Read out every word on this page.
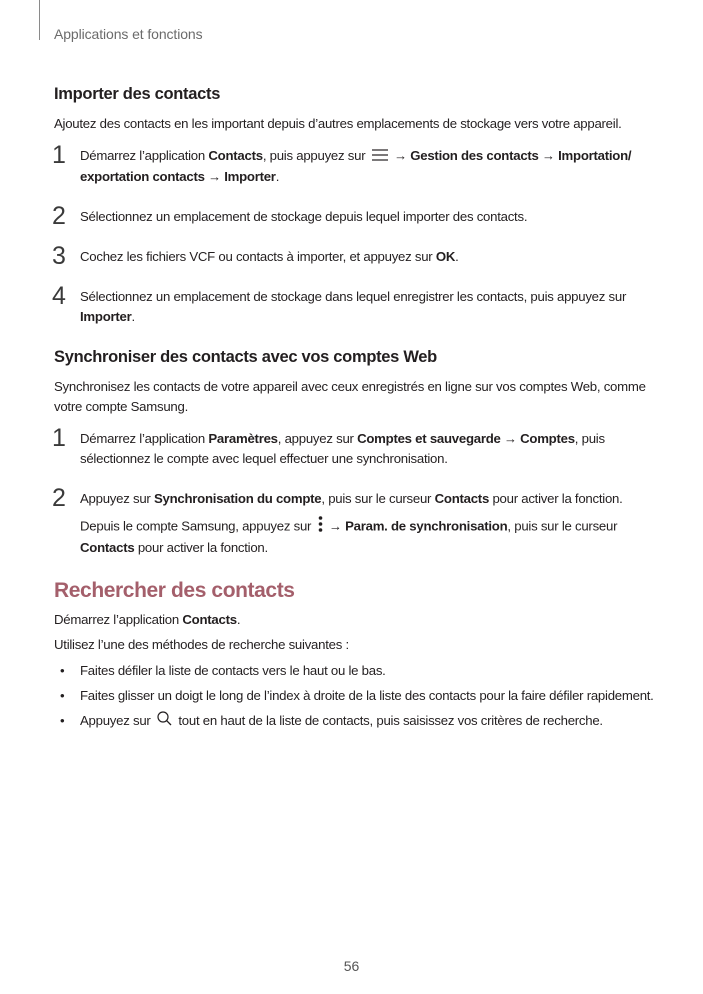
Applications et fonctions
Importer des contacts

Ajoutez des contacts en les important depuis d’autres emplacements de stockage vers votre appareil.

1 Démarrez l’application Contacts, puis appuyez sur  → Gestion des contacts → Importation/ exportation contacts → Importer.

2 Sélectionnez un emplacement de stockage depuis lequel importer des contacts.

3 Cochez les fichiers VCF ou contacts à importer, et appuyez sur OK.

4 Sélectionnez un emplacement de stockage dans lequel enregistrer les contacts, puis appuyez sur Importer.

Synchroniser des contacts avec vos comptes Web

Synchronisez les contacts de votre appareil avec ceux enregistrés en ligne sur vos comptes Web, comme votre compte Samsung.

1 Démarrez l’application Paramètres, appuyez sur Comptes et sauvegarde → Comptes, puis sélectionnez le compte avec lequel effectuer une synchronisation.

2 Appuyez sur Synchronisation du compte, puis sur le curseur Contacts pour activer la fonction.

Depuis le compte Samsung, appuyez sur  → Param. de synchronisation, puis sur le curseur Contacts pour activer la fonction.

Rechercher des contacts

Démarrez l’application Contacts.

Utilisez l’une des méthodes de recherche suivantes :

• Faites défiler la liste de contacts vers le haut ou le bas.
• Faites glisser un doigt le long de l’index à droite de la liste des contacts pour la faire défiler rapidement.
• Appuyez sur  tout en haut de la liste de contacts, puis saisissez vos critères de recherche.
56
